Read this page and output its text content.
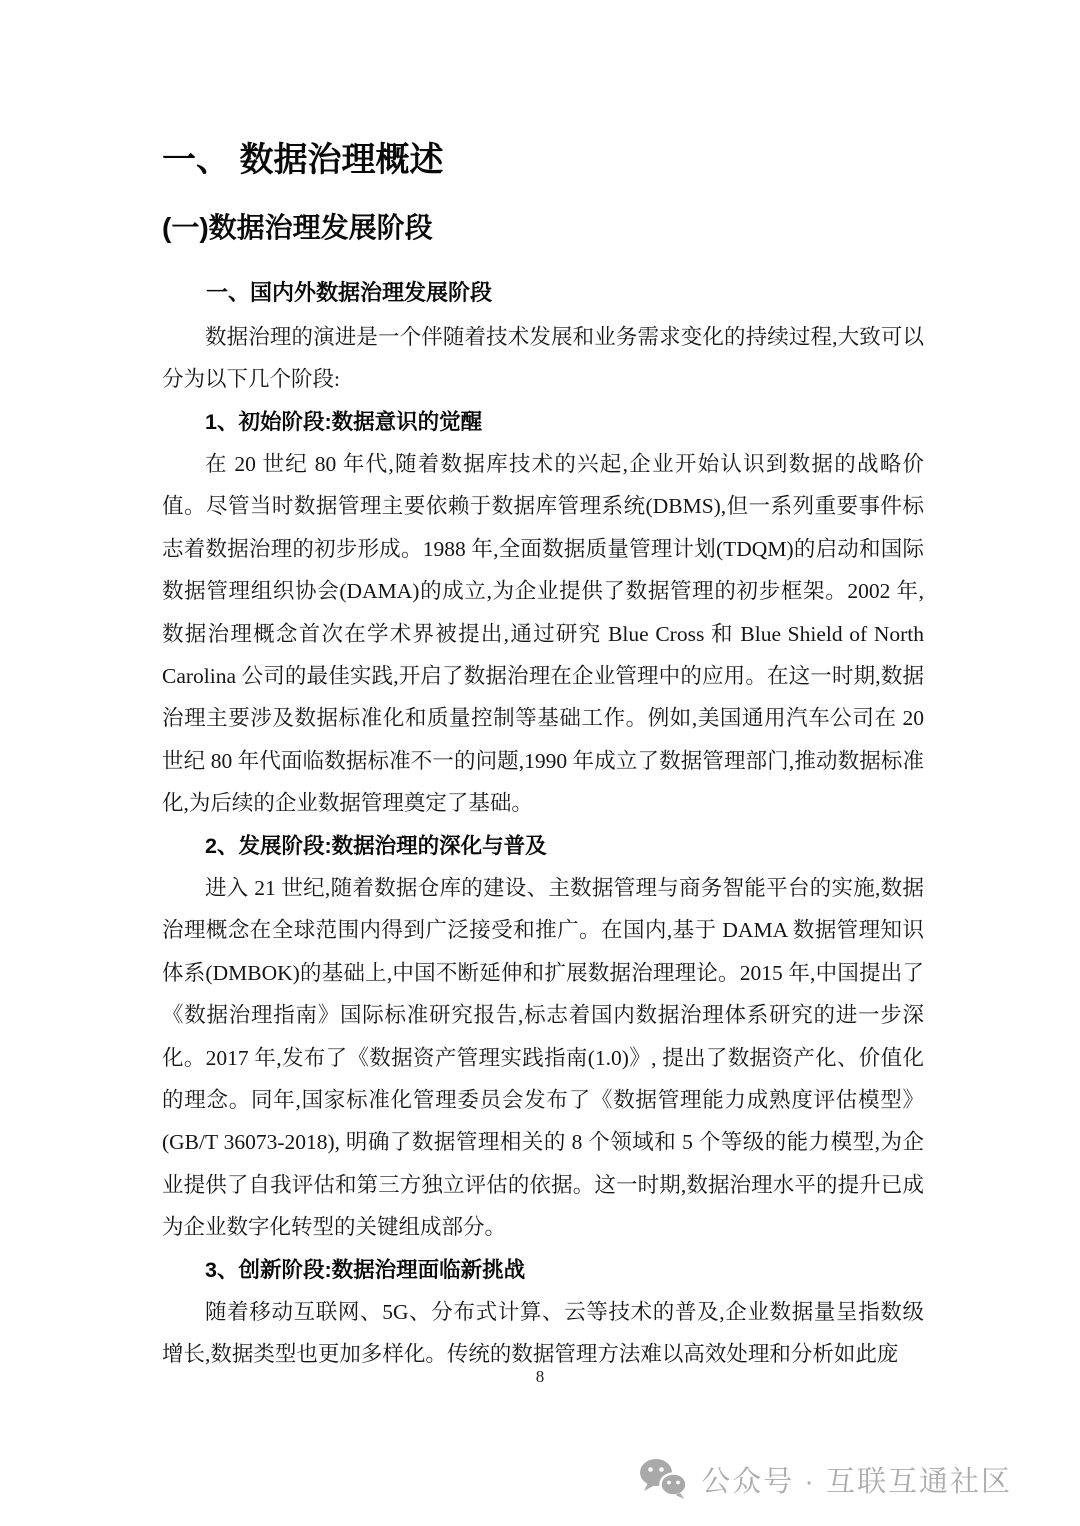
一、 数据治理概述
(一)数据治理发展阶段
一、国内外数据治理发展阶段

数据治理的演进是一个伴随着技术发展和业务需求变化的持续过程,大致可以分为以下几个阶段:

1、初始阶段:数据意识的觉醒

在 20 世纪 80 年代,随着数据库技术的兴起,企业开始认识到数据的战略价值。尽管当时数据管理主要依赖于数据库管理系统(DBMS),但一系列重要事件标志着数据治理的初步形成。1988 年,全面数据质量管理计划(TDQM)的启动和国际数据管理组织协会(DAMA)的成立,为企业提供了数据管理的初步框架。2002 年,数据治理概念首次在学术界被提出,通过研究 Blue Cross 和 Blue Shield of North Carolina 公司的最佳实践,开启了数据治理在企业管理中的应用。在这一时期,数据治理主要涉及数据标准化和质量控制等基础工作。例如,美国通用汽车公司在 20 世纪 80 年代面临数据标准不一的问题,1990 年成立了数据管理部门,推动数据标准化,为后续的企业数据管理奠定了基础。

2、发展阶段:数据治理的深化与普及

进入 21 世纪,随着数据仓库的建设、主数据管理与商务智能平台的实施,数据治理概念在全球范围内得到广泛接受和推广。在国内,基于 DAMA 数据管理知识体系(DMBOK)的基础上,中国不断延伸和扩展数据治理理论。2015 年,中国提出了《数据治理指南》国际标准研究报告,标志着国内数据治理体系研究的进一步深化。2017 年,发布了《数据资产管理实践指南(1.0)》, 提出了数据资产化、价值化的理念。同年,国家标准化管理委员会发布了《数据管理能力成熟度评估模型》(GB/T 36073-2018), 明确了数据管理相关的 8 个领域和 5 个等级的能力模型,为企业提供了自我评估和第三方独立评估的依据。这一时期,数据治理水平的提升已成为企业数字化转型的关键组成部分。

3、创新阶段:数据治理面临新挑战

随着移动互联网、5G、分布式计算、云等技术的普及,企业数据量呈指数级增长,数据类型也更加多样化。传统的数据管理方法难以高效处理和分析如此庞

8
公众号 · 互联互通社区
